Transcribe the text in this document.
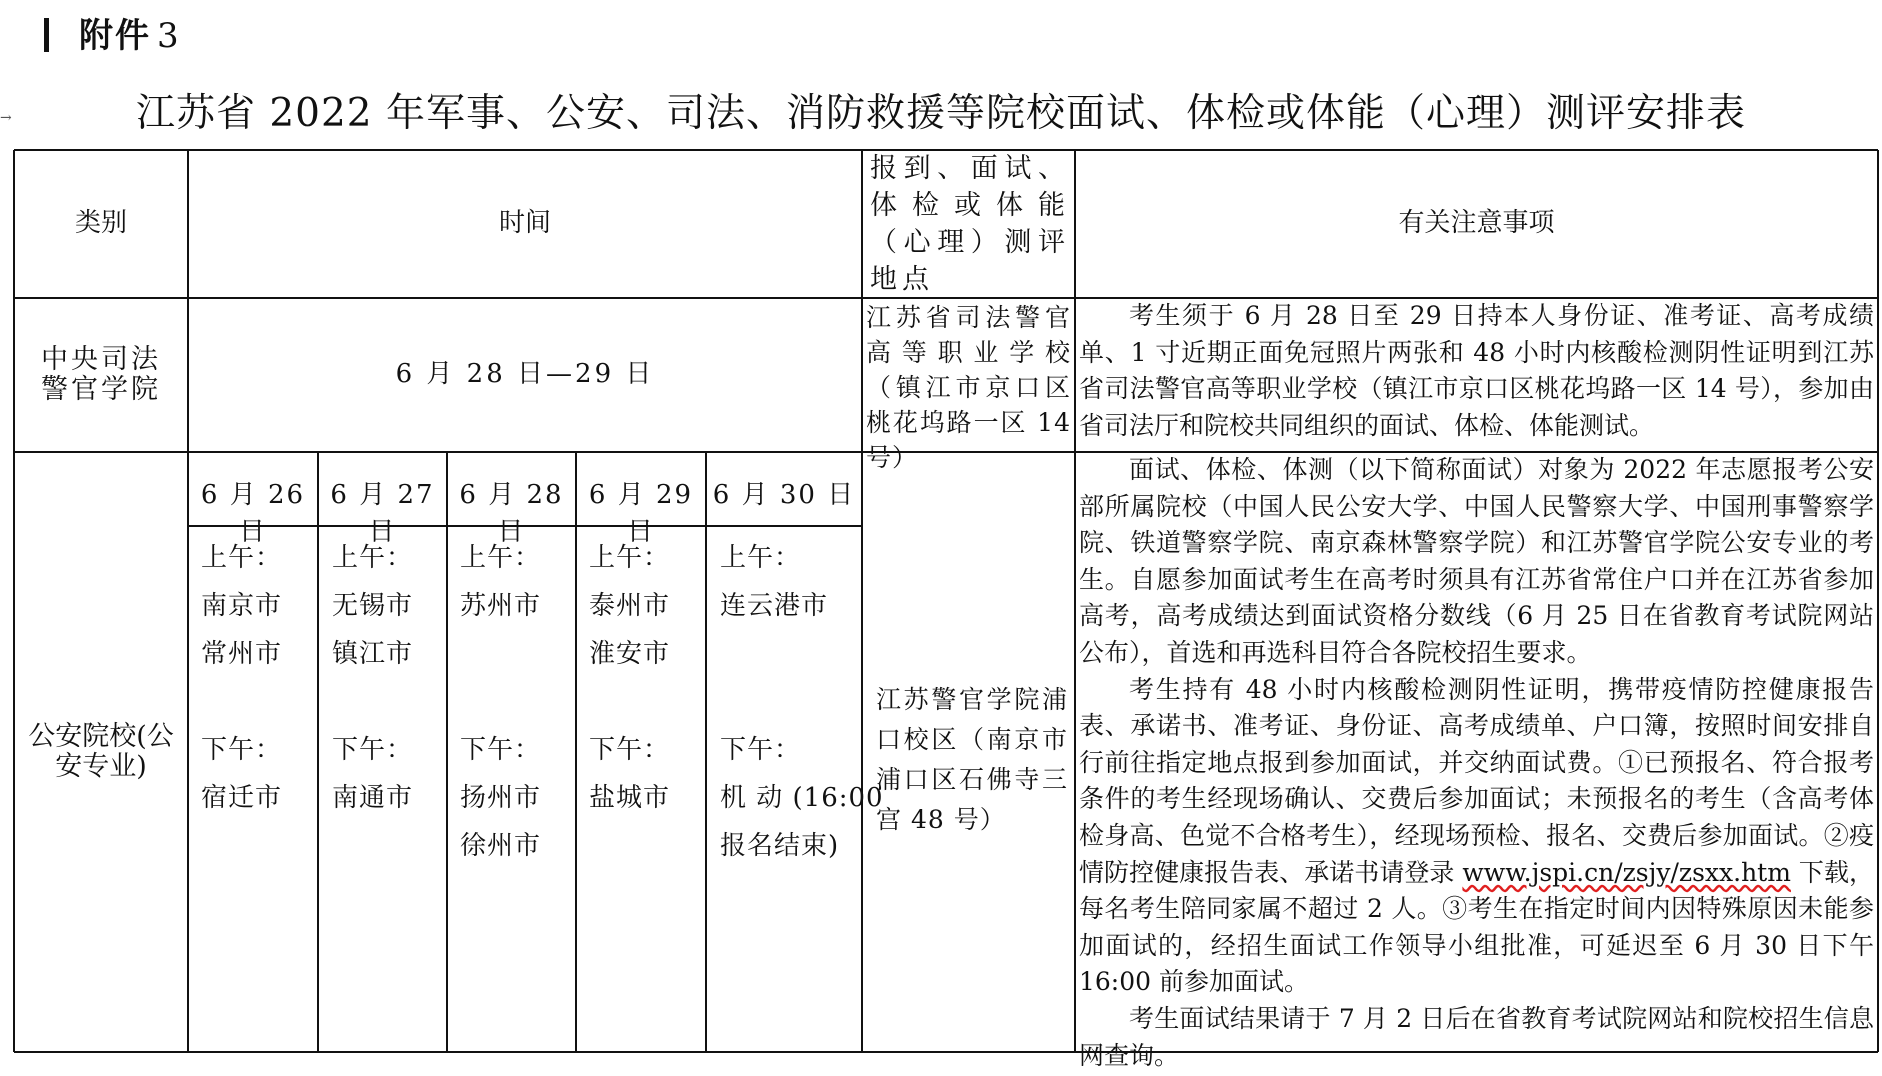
附件 3
江苏省 2022 年军事、公安、司法、消防救援等院校面试、体检或体能（心理）测评安排表
→
类别	时间
报到、面试、体检或体能（心理）测评地点
有关注意事项
中央司法警官学院	6 月 28 日—29 日
江苏省司法警官高等职业学校（镇江市京口区桃花坞路一区 14 号）

考生须于 6 月 28 日至 29 日持本人身份证、准考证、高考成绩单、1 寸近期正面免冠照片两张和 48 小时内核酸检测阴性证明到江苏省司法警官高等职业学校（镇江市京口区桃花坞路一区 14 号），参加由省司法厅和院校共同组织的面试、体检、体能测试。

公安院校(公安专业)
6 月 26 日
6 月 27 日
6 月 28 日
6 月 29 日
6 月 30 日
上午：
南京市
常州市
下午：
宿迁市
上午：
无锡市
镇江市
下午：
南通市
上午：
苏州市
下午：
扬州市
徐州市
上午：
泰州市
淮安市
下午：
盐城市
上午：
连云港市
下午：
机 动 (16:00
报名结束)
江苏警官学院浦口校区（南京市浦口区石佛寺三宫 48 号）

面试、体检、体测（以下简称面试）对象为 2022 年志愿报考公安部所属院校（中国人民公安大学、中国人民警察大学、中国刑事警察学院、铁道警察学院、南京森林警察学院）和江苏警官学院公安专业的考生。自愿参加面试考生在高考时须具有江苏省常住户口并在江苏省参加高考，高考成绩达到面试资格分数线（6 月 25 日在省教育考试院网站公布），首选和再选科目符合各院校招生要求。

考生持有 48 小时内核酸检测阴性证明，携带疫情防控健康报告表、承诺书、准考证、身份证、高考成绩单、户口簿，按照时间安排自行前往指定地点报到参加面试，并交纳面试费。①已预报名、符合报考条件的考生经现场确认、交费后参加面试；未预报名的考生（含高考体检身高、色觉不合格考生），经现场预检、报名、交费后参加面试。②疫情防控健康报告表、承诺书请登录 www.jspi.cn/zsjy/zsxx.htm 下载，每名考生陪同家属不超过 2 人。③考生在指定时间内因特殊原因未能参加面试的，经招生面试工作领导小组批准，可延迟至 6 月 30 日下午 16:00 前参加面试。

考生面试结果请于 7 月 2 日后在省教育考试院网站和院校招生信息网查询。
